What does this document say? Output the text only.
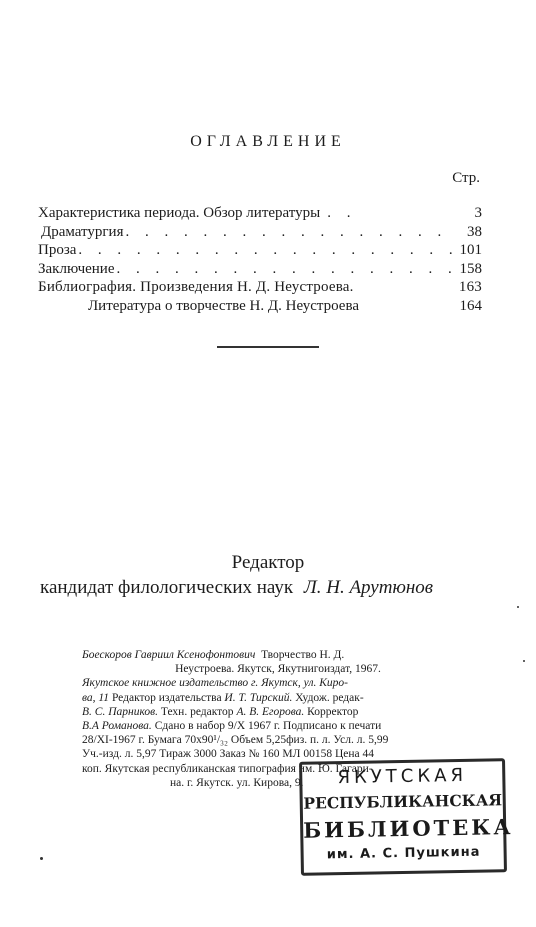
ОГЛАВЛЕНИЕ
Стр.
Характеристика периода. Обзор литературы . . .	3
Драматургия . . .	38
Проза . . .	101
Заключение . . .	158
Библиография. Произведения Н. Д. Неустроева.	163
Литература о творчестве Н. Д. Неустроева	164
Редактор
кандидат филологических наук Л. Н. Арутюнов
Боескоров Гавриил Ксенофонтович Творчество Н. Д.
Неустроева. Якутск, Якутнигоиздат, 1967.
Якутское книжное издательство г. Якутск, ул. Киро-
ва, 11 Редактор издательства И. Т. Тирский. Худож. редак-
В. С. Парников. Техн. редактор А. В. Егорова. Корректор
В.А Романова. Сдано в набор 9/X 1967 г. Подписано к печати
28/XI-1967 г. Бумага 70х90¹/₃₂ Объем 5,25физ. п. л. Усл. л. 5,99
Уч.-изд. л. 5,97 Тираж 3000 Заказ № 160 МЛ 00158 Цена 44
коп. Якутская республиканская типография им. Ю. Гагари-
на. г. Якутск. ул. Кирова, 9.	ЯКУТСКАЯ
РЕСПУБЛИКАНСКАЯ
БИБЛИОТЕКА
им. А. С. Пушкина
